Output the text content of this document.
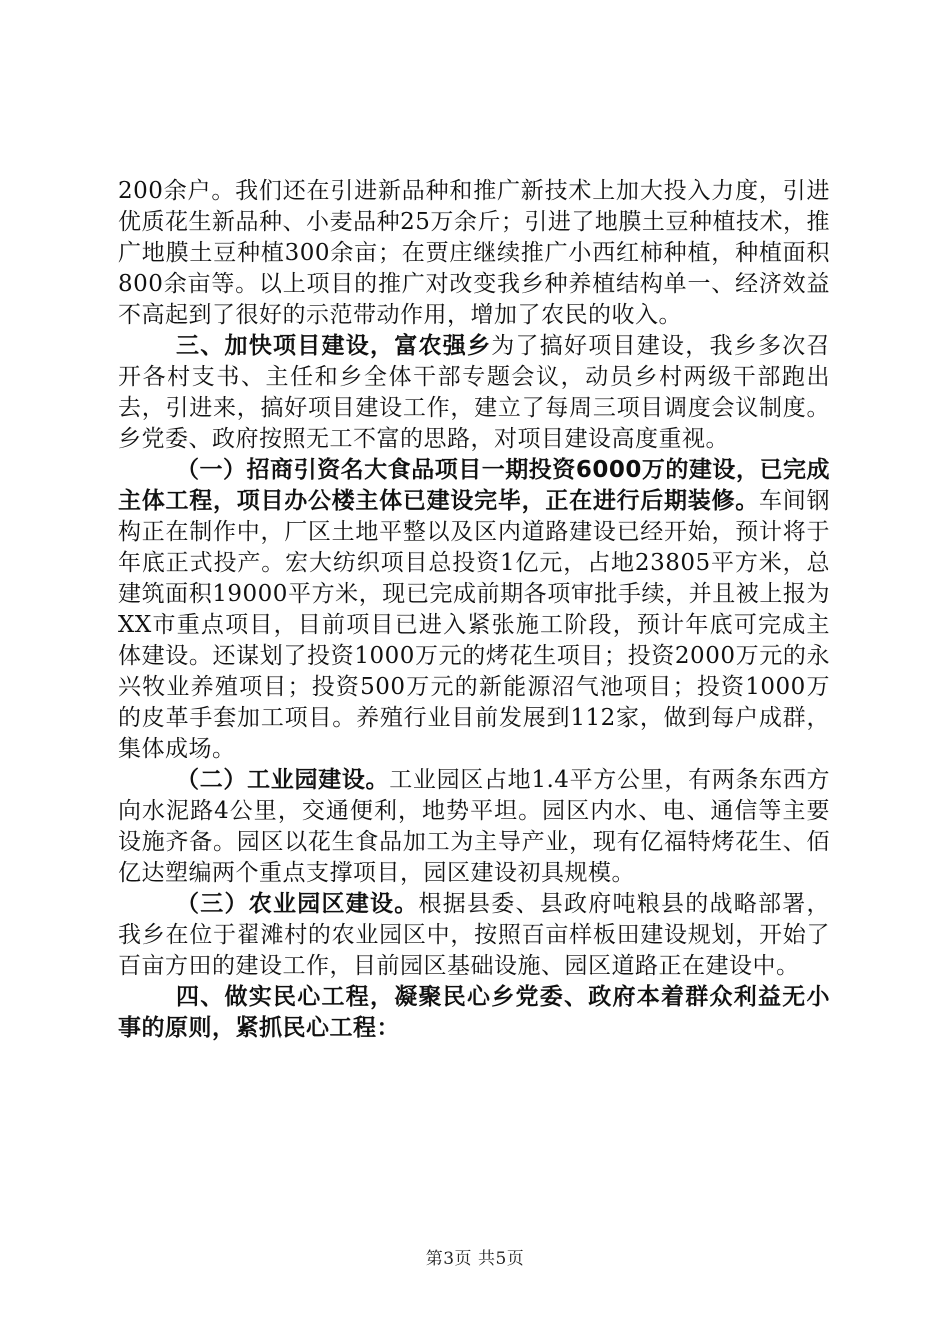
200余户。我们还在引进新品种和推广新技术上加大投入力度，引进优质花生新品种、小麦品种25万余斤；引进了地膜土豆种植技术，推广地膜土豆种植300余亩；在贾庄继续推广小西红柿种植，种植面积800余亩等。以上项目的推广对改变我乡种养植结构单一、经济效益不高起到了很好的示范带动作用，增加了农民的收入。

三、加快项目建设，富农强乡为了搞好项目建设，我乡多次召开各村支书、主任和乡全体干部专题会议，动员乡村两级干部跑出去，引进来，搞好项目建设工作，建立了每周三项目调度会议制度。乡党委、政府按照无工不富的思路，对项目建设高度重视。

（一）招商引资名大食品项目一期投资6000万的建设，已完成主体工程，项目办公楼主体已建设完毕，正在进行后期装修。车间钢构正在制作中，厂区土地平整以及区内道路建设已经开始，预计将于年底正式投产。宏大纺织项目总投资1亿元，占地23805平方米，总建筑面积19000平方米，现已完成前期各项审批手续，并且被上报为XX市重点项目，目前项目已进入紧张施工阶段，预计年底可完成主体建设。还谋划了投资1000万元的烤花生项目；投资2000万元的永兴牧业养殖项目；投资500万元的新能源沼气池项目；投资1000万的皮革手套加工项目。养殖行业目前发展到112家，做到每户成群，集体成场。

（二）工业园建设。工业园区占地1.4平方公里，有两条东西方向水泥路4公里，交通便利，地势平坦。园区内水、电、通信等主要设施齐备。园区以花生食品加工为主导产业，现有亿福特烤花生、佰亿达塑编两个重点支撑项目，园区建设初具规模。

（三）农业园区建设。根据县委、县政府吨粮县的战略部署，我乡在位于翟滩村的农业园区中，按照百亩样板田建设规划，开始了百亩方田的建设工作，目前园区基础设施、园区道路正在建设中。

四、做实民心工程，凝聚民心乡党委、政府本着群众利益无小事的原则，紧抓民心工程：

第3页 共5页
